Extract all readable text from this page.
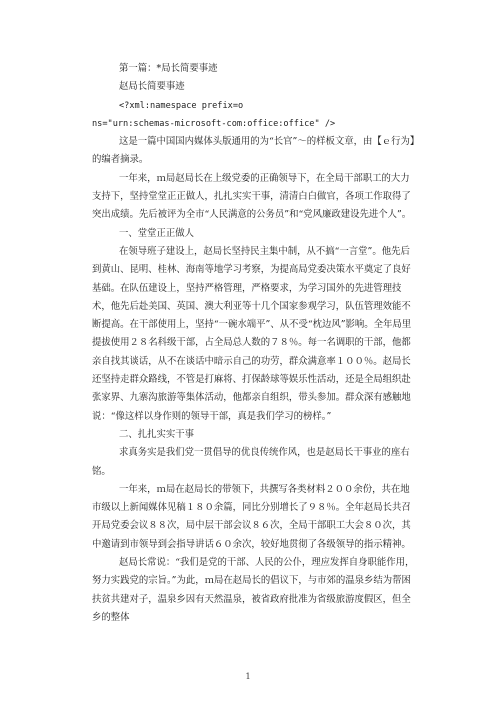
第一篇：*局长简要事迹

赵局长简要事迹

<?xml:namespace prefix=o

ns="urn:schemas-microsoft-com:office:office" />

这是一篇中国国内媒体头版通用的为“长官”～的样板文章，由【ｅ行为】的编者摘录。

一年来，ｍ局赵局长在上级党委的正确领导下，在全局干部职工的大力支持下，坚持堂堂正正做人，扎扎实实干事，清清白白做官，各项工作取得了突出成绩。先后被评为全市“人民满意的公务员”和“党风廉政建设先进个人”。

一、堂堂正正做人

在领导班子建设上，赵局长坚持民主集中制，从不搞“一言堂”。他先后到黄山、昆明、桂林、海南等地学习考察，为提高局党委决策水平奠定了良好基础。在队伍建设上，坚持严格管理，严格要求，为学习国外的先进管理技术，他先后赴美国、英国、澳大利亚等十几个国家参观学习，队伍管理效能不断提高。在干部使用上，坚持“一碗水端平”、从不受“枕边风”影响。全年局里提拔使用２８名科级干部，占全局总人数的７８％。每一名调职的干部，他都亲自找其谈话，从不在谈话中暗示自己的功劳，群众满意率１００％。赵局长还坚持走群众路线，不管是打麻将、打保龄球等娱乐性活动，还是全局组织赴张家界、九寨沟旅游等集体活动，他都亲自组织，带头参加。群众深有感触地说：“像这样以身作则的领导干部，真是我们学习的榜样。”

二、扎扎实实干事

求真务实是我们党一贯倡导的优良传统作风，也是赵局长干事业的座右铭。

一年来，ｍ局在赵局长的带领下，共撰写各类材料２００余份，共在地市级以上新闻媒体见稿１８０余篇，同比分别增长了９８％。全年赵局长共召开局党委会议８８次，局中层干部会议８６次，全局干部职工大会８０次，其中邀请到市领导到会指导讲话６０余次，较好地贯彻了各级领导的指示精神。

赵局长常说：“我们是党的干部、人民的公仆，理应发挥自身职能作用，努力实践党的宗旨。”为此，ｍ局在赵局长的倡议下，与市郊的温泉乡结为帮困扶贫共建对子，温泉乡因有天然温泉，被省政府批准为省级旅游度假区，但全乡的整体

1
